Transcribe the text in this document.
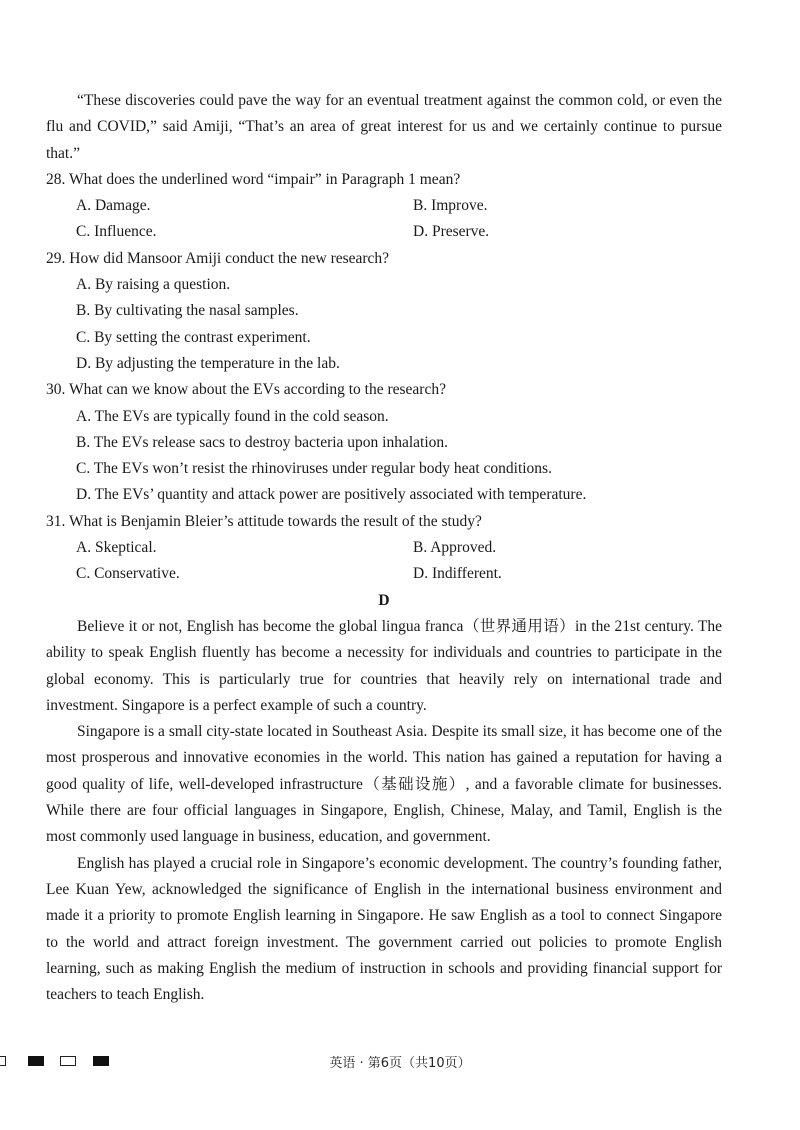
“These discoveries could pave the way for an eventual treatment against the common cold, or even the flu and COVID,” said Amiji, “That’s an area of great interest for us and we certainly continue to pursue that.”

28. What does the underlined word “impair” in Paragraph 1 mean?

A. Damage.	B. Improve.

C. Influence.	D. Preserve.

29. How did Mansoor Amiji conduct the new research?

A. By raising a question.

B. By cultivating the nasal samples.

C. By setting the contrast experiment.

D. By adjusting the temperature in the lab.

30. What can we know about the EVs according to the research?

A. The EVs are typically found in the cold season.

B. The EVs release sacs to destroy bacteria upon inhalation.

C. The EVs won’t resist the rhinoviruses under regular body heat conditions.

D. The EVs’ quantity and attack power are positively associated with temperature.

31. What is Benjamin Bleier’s attitude towards the result of the study?

A. Skeptical.	B. Approved.

C. Conservative.	D. Indifferent.

D

Believe it or not, English has become the global lingua franca（世界通用语）in the 21st century. The ability to speak English fluently has become a necessity for individuals and countries to participate in the global economy. This is particularly true for countries that heavily rely on international trade and investment. Singapore is a perfect example of such a country.

Singapore is a small city-state located in Southeast Asia. Despite its small size, it has become one of the most prosperous and innovative economies in the world. This nation has gained a reputation for having a good quality of life, well-developed infrastructure（基础设施）, and a favorable climate for businesses. While there are four official languages in Singapore, English, Chinese, Malay, and Tamil, English is the most commonly used language in business, education, and government.

English has played a crucial role in Singapore’s economic development. The country’s founding father, Lee Kuan Yew, acknowledged the significance of English in the international business environment and made it a priority to promote English learning in Singapore. He saw English as a tool to connect Singapore to the world and attract foreign investment. The government carried out policies to promote English learning, such as making English the medium of instruction in schools and providing financial support for teachers to teach English.

英语 · 第6页（共10页）
